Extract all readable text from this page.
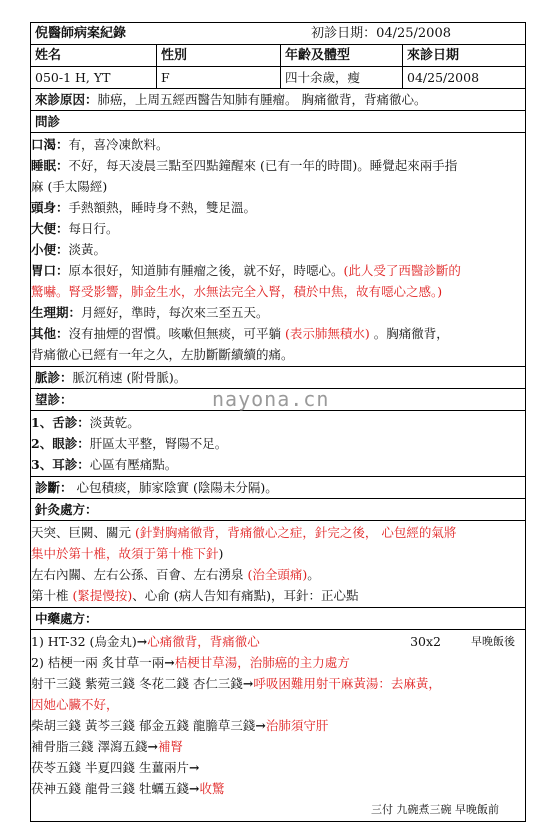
倪醫師病案紀錄	初診日期：04/25/2008
姓名	性別	年齡及體型	來診日期
050-1 H, YT	F	四十余歲，瘦	04/25/2008
來診原因：肺癌，上周五經西醫告知肺有腫瘤。 胸痛徹背，背痛徹心。
問診
口渴：有，喜冷凍飲料。
睡眠：不好，每天凌晨三點至四點鐘醒來 (已有一年的時間)。睡覺起來兩手指
麻 (手太陽經)
頭身：手熱額熱，睡時身不熱，雙足溫。
大便：每日行。
小便：淡黃。
胃口：原本很好，知道肺有腫瘤之後，就不好，時噁心。(此人受了西醫診斷的
驚嚇。腎受影響，肺金生水，水無法完全入腎，積於中焦，故有噁心之感。)
生理期：月經好，準時，每次來三至五天。
其他：沒有抽煙的習慣。咳嗽但無痰，可平躺 (表示肺無積水) 。胸痛徹背，
背痛徹心已經有一年之久，左肋斷斷續續的痛。
脈診：脈沉稍速 (附骨脈)。
望診：
1、舌診：淡黃乾。
2、眼診：肝區太平整，腎陽不足。
3、耳診：心區有壓痛點。
診斷： 心包積痰，肺家陰實 (陰陽未分隔)。
針灸處方：
天突、巨闕、關元 (針對胸痛徹背，背痛徹心之症，針完之後， 心包經的氣將
集中於第十椎，故須于第十椎下針)
左右內關、左右公孫、百會、左右湧泉 (治全頭痛)。
第十椎 (緊提慢按)、心俞 (病人告知有痛點)，耳針：正心點
中藥處方：
1) HT-32 (烏金丸)→心痛徹背，背痛徹心	30x2	早晚飯後
2) 桔梗一兩 炙甘草一兩→桔梗甘草湯，治肺癌的主力處方
射干三錢 紫菀三錢 冬花二錢 杏仁三錢→呼吸困難用射干麻黃湯：去麻黃，
因她心臟不好，
柴胡三錢 黃芩三錢 郁金五錢 龍膽草三錢→治肺須守肝
補骨脂三錢 澤瀉五錢→補腎
茯苓五錢 半夏四錢 生薑兩片→
茯神五錢 龍骨三錢 牡蠣五錢→收驚
三付 九碗煮三碗 早晚飯前
nayona.cn
